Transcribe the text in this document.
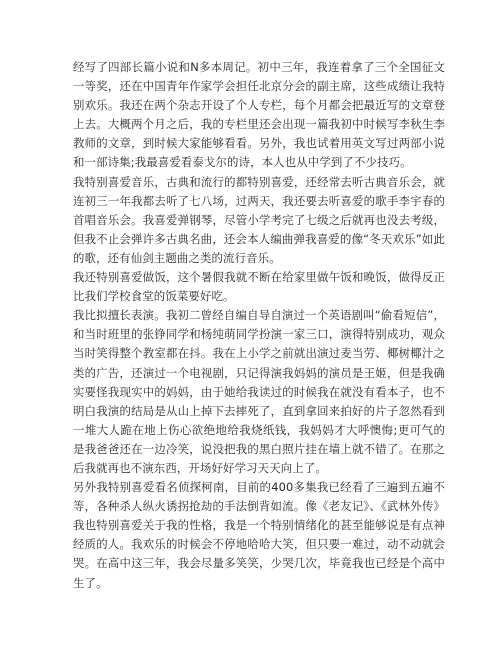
经写了四部长篇小说和N多本周记。初中三年，我连着拿了三个全国征文一等奖，还在中国青年作家学会担任北京分会的副主席，这些成绩让我特别欢乐。我还在两个杂志开设了个人专栏，每个月都会把最近写的文章登上去。大概两个月之后，我的专栏里还会出现一篇我初中时候写李秋生李教师的文章，到时候大家能够看看。另外，我也试着用英文写过两部小说和一部诗集;我最喜爱看泰戈尔的诗，本人也从中学到了不少技巧。

我特别喜爱音乐，古典和流行的都特别喜爱，还经常去听古典音乐会，就连初三一年我都去听了七八场，过两天，我还要去听喜爱的歌手李宇春的首唱音乐会。我喜爱弹钢琴，尽管小学考完了七级之后就再也没去考级，但我不止会弹许多古典名曲，还会本人编曲弹我喜爱的像“冬天欢乐”如此的歌，还有仙剑主题曲之类的流行音乐。

我还特别喜爱做饭，这个暑假我就不断在给家里做午饭和晚饭，做得反正比我们学校食堂的饭菜要好吃。

我比拟擅长表演。我初二曾经自编自导自演过一个英语剧叫“偷看短信”，和当时班里的张铮同学和杨纯萌同学扮演一家三口，演得特别成功，观众当时笑得整个教室都在抖。我在上小学之前就出演过麦当劳、椰树椰汁之类的广告，还演过一个电视剧，只记得演我妈妈的演员是王姬，但是我确实要怪我现实中的妈妈，由于她给我读过的时候我在就没有看本子，也不明白我演的结局是从山上掉下去摔死了，直到拿回来拍好的片子忽然看到一堆大人跪在地上伤心欲绝地给我烧纸钱，我妈妈才大呼懊悔;更可气的是我爸爸还在一边冷笑，说没把我的黑白照片挂在墙上就不错了。在那之后我就再也不演东西，开场好好学习天天向上了。

另外我特别喜爱看名侦探柯南，目前的400多集我已经看了三遍到五遍不等，各种杀人纵火诱拐抢劫的手法倒背如流。像《老友记》、《武林外传》我也特别喜爱关于我的性格，我是一个特别情绪化的甚至能够说是有点神经质的人。我欢乐的时候会不停地哈哈大笑，但只要一难过，动不动就会哭。在高中这三年，我会尽量多笑笑，少哭几次，毕竟我也已经是个高中生了。
